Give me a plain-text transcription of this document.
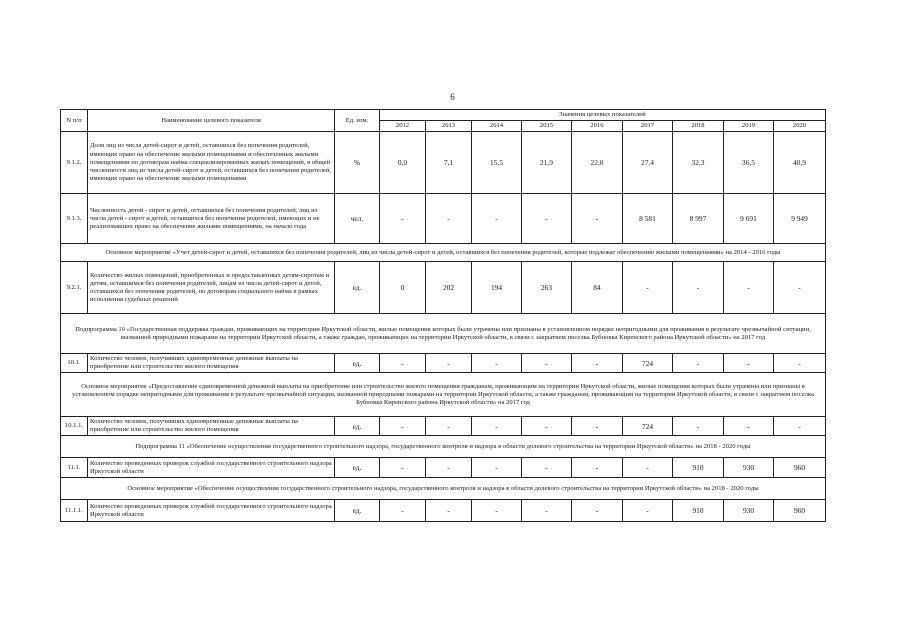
6
N п/п	Наименование целевого показателя	Ед. изм.	Значения целевых показателей								
			2012	2013	2014	2015	2016	2017	2018	2019	2020
9.1.2.	Доля лиц из числа детей-сирот и детей, оставшихся без попечения родителей, имеющих право на обеспечение жилыми помещениями и обеспеченных жилыми помещениями по договорам найма специализированных жилых помещений, в общей численности лиц из числа детей-сирот и детей, оставшихся без попечения родителей, имеющих право на обеспечение жилыми помещениями	%	0,0	7,1	15,5	21,9	22,0	27,4	32,3	36,5	40,9
9.1.3.	Численность детей - сирот и детей, оставшихся без попечения родителей, лиц из числа детей - сирот и детей, оставшихся без попечения родителей, имеющих и не реализовавших право на обеспечение жилыми помещениями, на начало года	чел.	-	-	-	-	-	8 581	8 997	9 691	9 949
Основное мероприятие «Учет детей-сирот и детей, оставшихся без попечения родителей, лиц из числа детей-сирот и детей, оставшихся без попечения родителей, которые подлежат обеспечению жилыми помещениями» на 2014 - 2016 годы											
9.2.1.	Количество жилых помещений, приобретенных и предоставленных детям-сиротам и детям, оставшимся без попечения родителей, лицам из числа детей-сирот и детей, оставшихся без попечения родителей, по договорам социального найма в рамках исполнения судебных решений	ед.	0	202	194	263	84	-	-	-	-
Подпрограмма 10 «Государственная поддержка граждан, проживающих на территории Иркутской области, жилые помещения которых были утрачены или признаны в установленном порядке непригодными для проживания в результате чрезвычайной ситуации, вызванной природными пожарами на территории Иркутской области, а также граждан, проживающих на территории Иркутской области, в связи с закрытием поселка Бубновка Киренского района Иркутской области» на 2017 год											
10.1.	Количество человек, получивших единовременные денежные выплаты на приобретение или строительство жилого помещения	ед.	-	-	-	-	-	724	-	-	-
Основное мероприятие «Предоставление единовременной денежной выплаты на приобретение или строительство жилого помещения гражданам, проживающим на территории Иркутской области, жилые помещения которых были утрачены или признаны в установленном порядке непригодными для проживания в результате чрезвычайной ситуации, вызванной природными пожарами на территории Иркутской области, а также гражданам, проживающим на территории Иркутской области, в связи с закрытием поселка Бубновка Киренского района Иркутской области» на 2017 год											
10.1.1.	Количество человек, получивших единовременные денежные выплаты на приобретение или строительство жилого помещения	ед.	-	-	-	-	-	724	-	-	-
Подпрограмма 11 «Обеспечение осуществления государственного строительного надзора, государственного контроля и надзора в области долевого строительства на территории Иркутской области» на 2018 - 2020 годы											
11.1.	Количество проведенных проверок службой государственного строительного надзора Иркутской области	ед.	-	-	-	-	-	-	910	930	960
Основное мероприятие «Обеспечение осуществления государственного строительного надзора, государственного контроля и надзора в области долевого строительства на территории Иркутской области» на 2018 - 2020 годы											
11.1.1.	Количество проведенных проверок службой государственного строительного надзора Иркутской области	ед.	-	-	-	-	-	-	910	930	960
